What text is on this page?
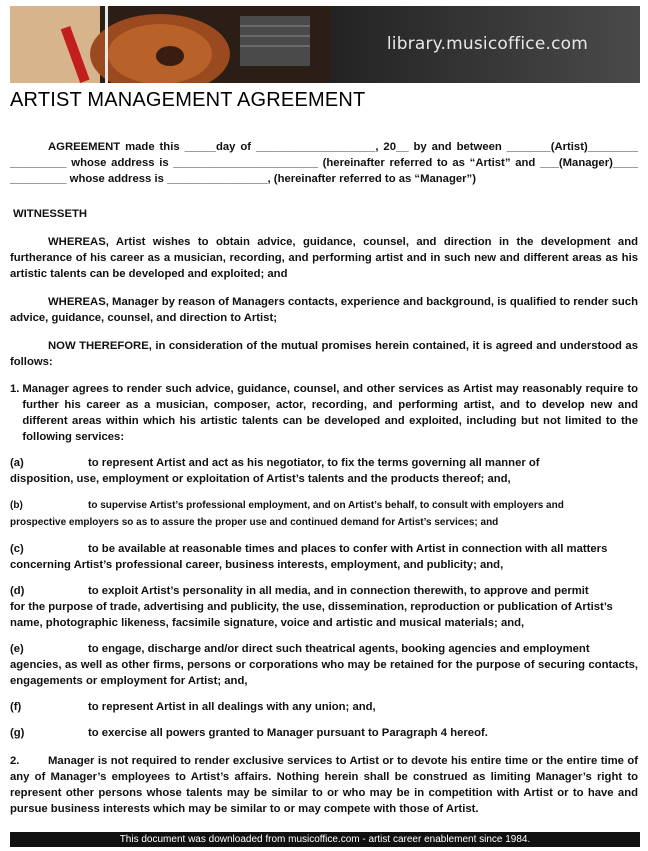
library.musicoffice.com
ARTIST MANAGEMENT AGREEMENT

AGREEMENT made this _____day of ___________________, 20__ by and between _______(Artist)________ _________ whose address is _______________________ (hereinafter referred to as “Artist” and ___(Manager)____ _________ whose address is ________________, (hereinafter referred to as “Manager”)

WITNESSETH

WHEREAS, Artist wishes to obtain advice, guidance, counsel, and direction in the development and furtherance of his career as a musician, recording, and performing artist and in such new and different areas as his artistic talents can be developed and exploited; and

WHEREAS, Manager by reason of Managers contacts, experience and background, is qualified to render such advice, guidance, counsel, and direction to Artist;

NOW THEREFORE, in consideration of the mutual promises herein contained, it is agreed and understood as follows:

1. Manager agrees to render such advice, guidance, counsel, and other services as Artist may reasonably require to further his career as a musician, composer, actor, recording, and performing artist, and to develop new and different areas within which his artistic talents can be developed and exploited, including but not limited to the following services:

(a)	to represent Artist and act as his negotiator, to fix the terms governing all manner of
disposition, use, employment or exploitation of Artist’s talents and the products thereof; and,

(b)	to supervise Artist’s professional employment, and on Artist’s behalf, to consult with employers and
prospective employers so as to assure the proper use and continued demand for Artist’s services; and

(c)	to be available at reasonable times and places to confer with Artist in connection with all matters
concerning Artist’s professional career, business interests, employment, and publicity; and,

(d)	to exploit Artist’s personality in all media, and in connection therewith, to approve and permit
for the purpose of trade, advertising and publicity, the use, dissemination, reproduction or publication of Artist’s name, photographic likeness, facsimile signature, voice and artistic and musical materials; and,

(e)	to engage, discharge and/or direct such theatrical agents, booking agencies and employment
agencies, as well as other firms, persons or corporations who may be retained for the purpose of securing contacts, engagements or employment for Artist; and,

(f)	to represent Artist in all dealings with any union; and,

(g)	to exercise all powers granted to Manager pursuant to Paragraph 4 hereof.

2.	Manager is not required to render exclusive services to Artist or to devote his entire time or the entire time of any of Manager’s employees to Artist’s affairs. Nothing herein shall be construed as limiting Manager’s right to represent other persons whose talents may be similar to or who may be in competition with Artist or to have and pursue business interests which may be similar to or may compete with those of Artist.
This document was downloaded from musicoffice.com - artist career enablement since 1984.
